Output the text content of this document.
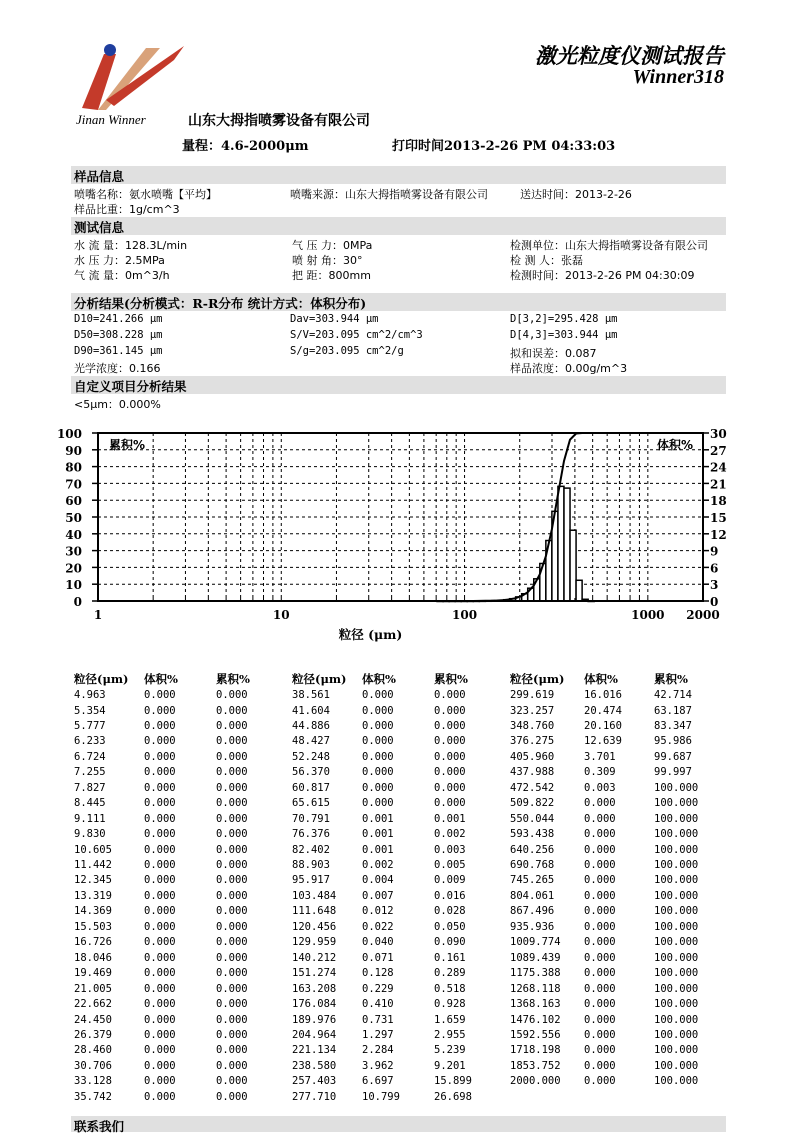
Jinan Winner
激光粒度仪测试报告
Winner318
山东大拇指喷雾设备有限公司
量程：4.6-2000μm	打印时间2013-2-26 PM 04:33:03
样品信息
喷嘴名称：氨水喷嘴【平均】	喷嘴来源：山东大拇指喷雾设备有限公司	送达时间：2013-2-26
样品比重：1g/cm^3
测试信息
水 流 量：128.3L/min	气 压 力：0MPa	检测单位：山东大拇指喷雾设备有限公司
水 压 力：2.5MPa	喷 射 角：30°	检 测 人：张磊
气 流 量：0m^3/h	把 距：800mm	检测时间：2013-2-26 PM 04:30:09
分析结果(分析模式：R-R分布 统计方式：体积分布)
D10=241.266 μm	Dav=303.944 μm	D[3,2]=295.428 μm
D50=308.228 μm	S/V=203.095 cm^2/cm^3	D[4,3]=303.944 μm
D90=361.145 μm	S/g=203.095 cm^2/g	拟和误差：0.087
光学浓度：0.166	样品浓度：0.00g/m^3
自定义项目分析结果
<5μm：0.000%
0	0
10	3
20	6
30	9
40	12
50	15
60	18
70	21
80	24
90	27
100	30
1	10	100	1000 2000
累积%	体积%
粒径 (μm)
粒径(μm) 体积%	累积%
4.963	0.000	0.000
5.354	0.000	0.000
5.777	0.000	0.000
6.233	0.000	0.000
6.724	0.000	0.000
7.255	0.000	0.000
7.827	0.000	0.000
8.445	0.000	0.000
9.111	0.000	0.000
9.830	0.000	0.000
10.605	0.000	0.000
11.442	0.000	0.000
12.345	0.000	0.000
13.319	0.000	0.000
14.369	0.000	0.000
15.503	0.000	0.000
16.726	0.000	0.000
18.046	0.000	0.000
19.469	0.000	0.000
21.005	0.000	0.000
22.662	0.000	0.000
24.450	0.000	0.000
26.379	0.000	0.000
28.460	0.000	0.000
30.706	0.000	0.000
33.128	0.000	0.000
35.742	0.000	0.000
粒径(μm) 体积%	累积%
38.561	0.000	0.000
41.604	0.000	0.000
44.886	0.000	0.000
48.427	0.000	0.000
52.248	0.000	0.000
56.370	0.000	0.000
60.817	0.000	0.000
65.615	0.000	0.000
70.791	0.001	0.001
76.376	0.001	0.002
82.402	0.001	0.003
88.903	0.002	0.005
95.917	0.004	0.009
103.484 0.007	0.016
111.648 0.012	0.028
120.456 0.022	0.050
129.959 0.040	0.090
140.212 0.071	0.161
151.274 0.128	0.289
163.208 0.229	0.518
176.084 0.410	0.928
189.976 0.731	1.659
204.964 1.297	2.955
221.134 2.284	5.239
238.580 3.962	9.201
257.403 6.697	15.899
277.710 10.799	26.698
粒径(μm) 体积%	累积%
299.619	16.016	42.714
323.257	20.474	63.187
348.760	20.160	83.347
376.275	12.639	95.986
405.960	3.701	99.687
437.988	0.309	99.997
472.542	0.003	100.000
509.822	0.000	100.000
550.044	0.000	100.000
593.438	0.000	100.000
640.256	0.000	100.000
690.768	0.000	100.000
745.265	0.000	100.000
804.061	0.000	100.000
867.496	0.000	100.000
935.936	0.000	100.000
1009.774 0.000	100.000
1089.439 0.000	100.000
1175.388 0.000	100.000
1268.118 0.000	100.000
1368.163 0.000	100.000
1476.102 0.000	100.000
1592.556 0.000	100.000
1718.198 0.000	100.000
1853.752 0.000	100.000
2000.000 0.000	100.000
联系我们
